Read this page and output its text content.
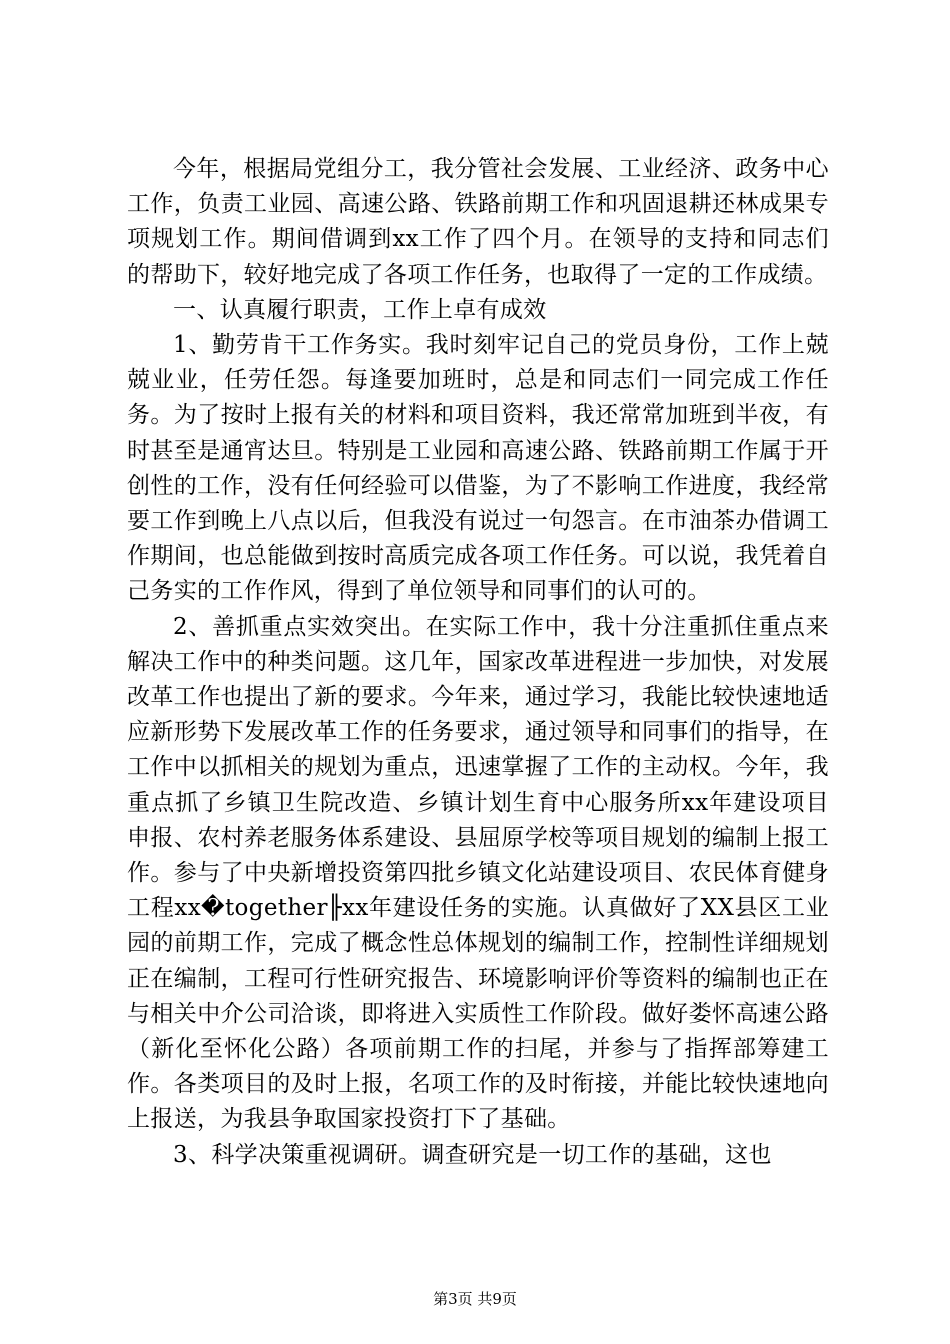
今年，根据局党组分工，我分管社会发展、工业经济、政务中心工作，负责工业园、高速公路、铁路前期工作和巩固退耕还林成果专项规划工作。期间借调到xx工作了四个月。在领导的支持和同志们的帮助下，较好地完成了各项工作任务，也取得了一定的工作成绩。

一、认真履行职责，工作上卓有成效

1、勤劳肯干工作务实。我时刻牢记自己的党员身份，工作上兢兢业业，任劳任怨。每逢要加班时，总是和同志们一同完成工作任务。为了按时上报有关的材料和项目资料，我还常常加班到半夜，有时甚至是通宵达旦。特别是工业园和高速公路、铁路前期工作属于开创性的工作，没有任何经验可以借鉴，为了不影响工作进度，我经常要工作到晚上八点以后，但我没有说过一句怨言。在市油茶办借调工作期间，也总能做到按时高质完成各项工作任务。可以说，我凭着自己务实的工作作风，得到了单位领导和同事们的认可的。

2、善抓重点实效突出。在实际工作中，我十分注重抓住重点来解决工作中的种类问题。这几年，国家改革进程进一步加快，对发展改革工作也提出了新的要求。今年来，通过学习，我能比较快速地适应新形势下发展改革工作的任务要求，通过领导和同事们的指导，在工作中以抓相关的规划为重点，迅速掌握了工作的主动权。今年，我重点抓了乡镇卫生院改造、乡镇计划生育中心服务所xx年建设项目申报、农村养老服务体系建设、县屈原学校等项目规划的编制上报工作。参与了中央新增投资第四批乡镇文化站建设项目、农民体育健身工程xx�together╟xx年建设任务的实施。认真做好了XX县区工业园的前期工作，完成了概念性总体规划的编制工作，控制性详细规划正在编制，工程可行性研究报告、环境影响评价等资料的编制也正在与相关中介公司洽谈，即将进入实质性工作阶段。做好娄怀高速公路（新化至怀化公路）各项前期工作的扫尾，并参与了指挥部筹建工作。各类项目的及时上报，名项工作的及时衔接，并能比较快速地向上报送，为我县争取国家投资打下了基础。

3、科学决策重视调研。调查研究是一切工作的基础，这也

第3页 共9页
